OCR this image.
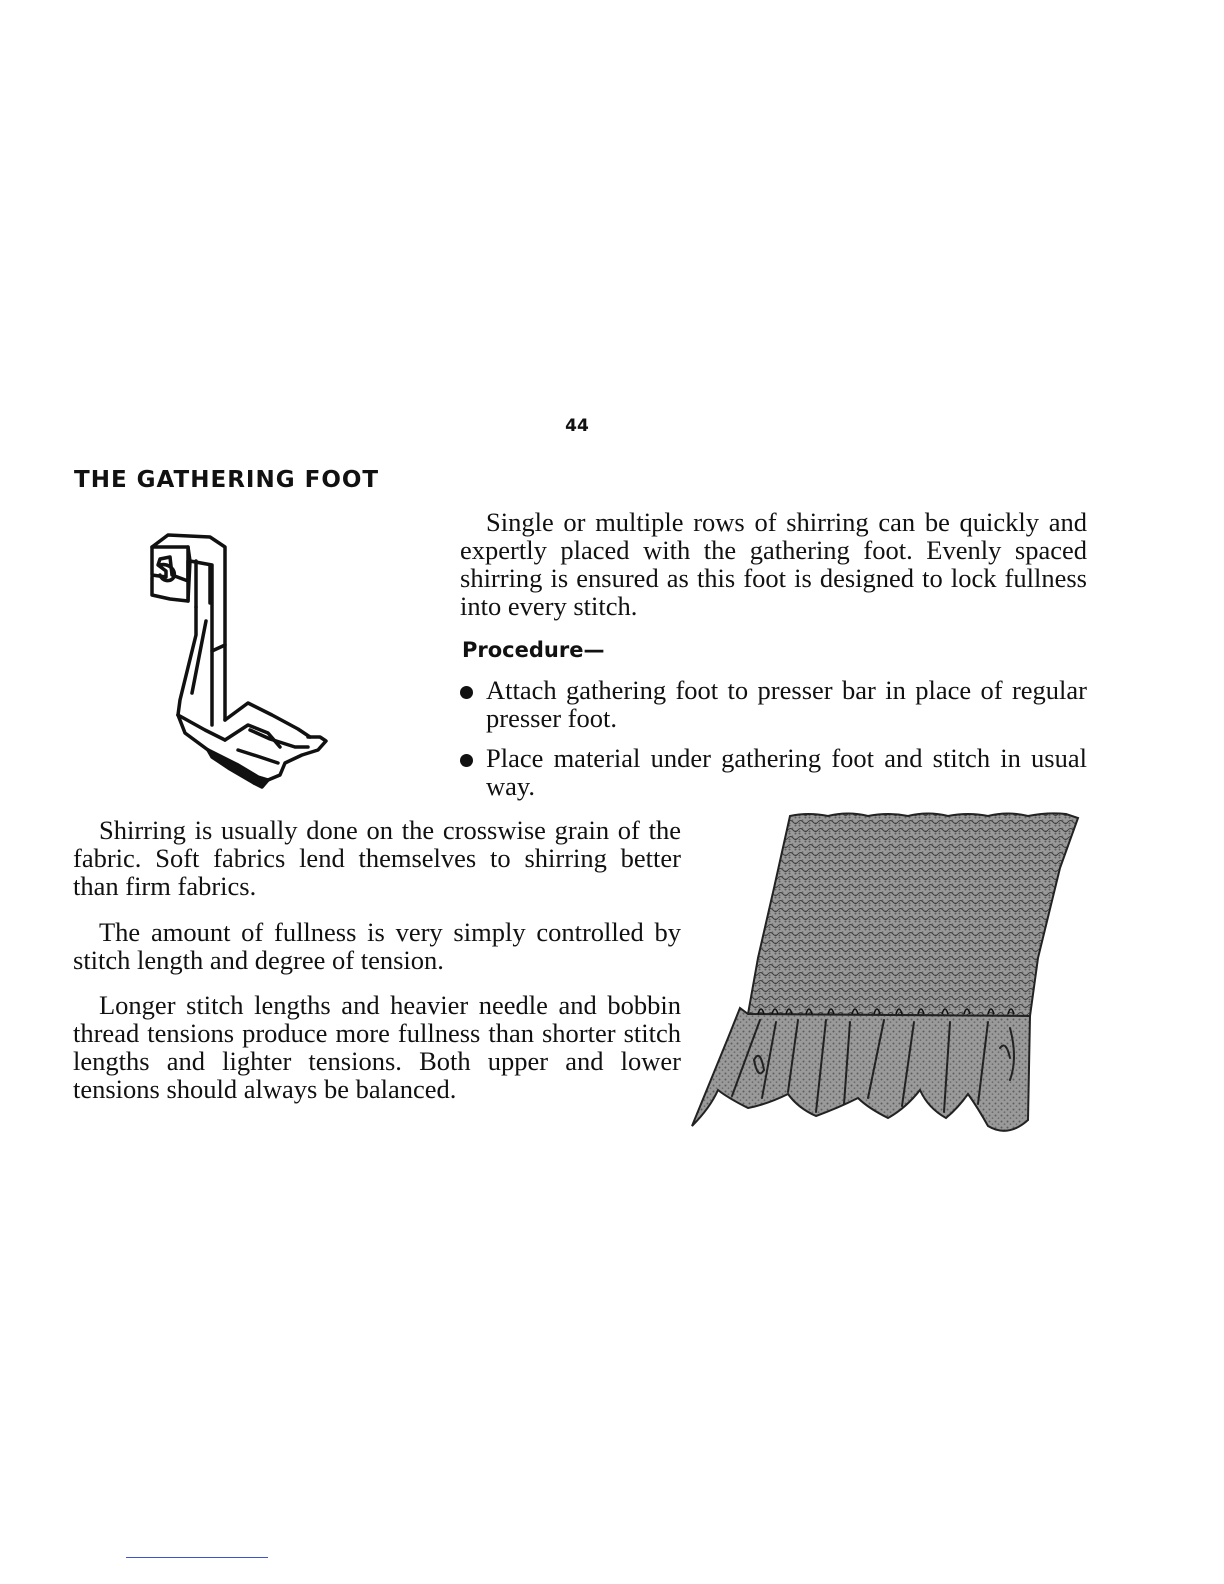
44
THE GATHERING FOOT

Single or multiple rows of shirring can be quickly and expertly placed with the gathering foot. Evenly spaced shirring is ensured as this foot is designed to lock fullness into every stitch.

Procedure—
Attach gathering foot to presser bar in place of regular presser foot.
Place material under gathering foot and stitch in usual way.

Shirring is usually done on the crosswise grain of the fabric. Soft fabrics lend themselves to shirring better than firm fabrics.

The amount of fullness is very simply controlled by stitch length and degree of tension.

Longer stitch lengths and heavier needle and bobbin thread tensions produce more fullness than shorter stitch lengths and lighter tensions. Both upper and lower tensions should always be balanced.
